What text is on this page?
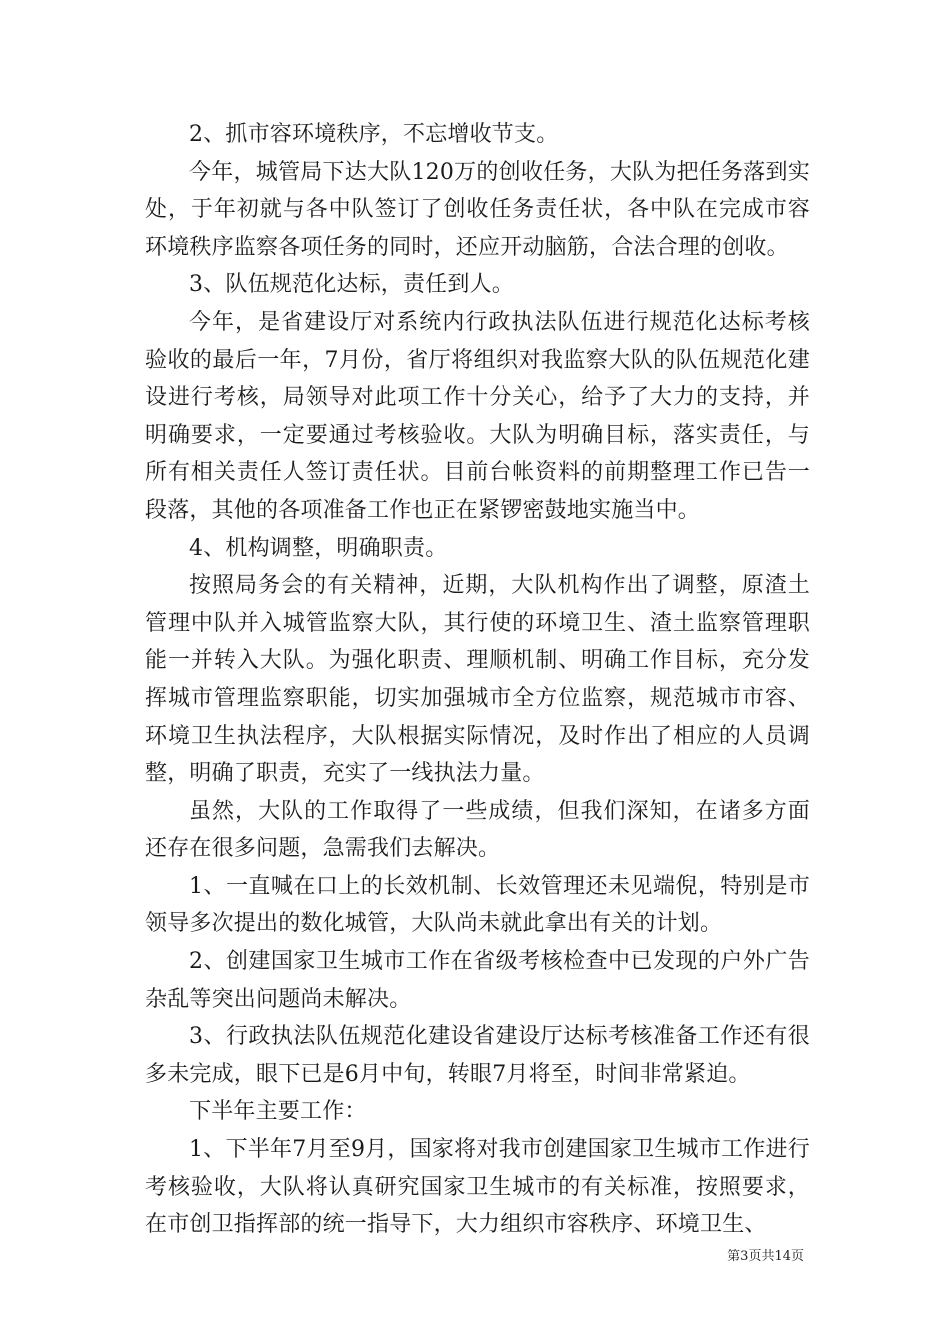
2、抓市容环境秩序，不忘增收节支。

今年，城管局下达大队120万的创收任务，大队为把任务落到实处，于年初就与各中队签订了创收任务责任状，各中队在完成市容环境秩序监察各项任务的同时，还应开动脑筋，合法合理的创收。

3、队伍规范化达标，责任到人。

今年，是省建设厅对系统内行政执法队伍进行规范化达标考核验收的最后一年，7月份，省厅将组织对我监察大队的队伍规范化建设进行考核，局领导对此项工作十分关心，给予了大力的支持，并明确要求，一定要通过考核验收。大队为明确目标，落实责任，与所有相关责任人签订责任状。目前台帐资料的前期整理工作已告一段落，其他的各项准备工作也正在紧锣密鼓地实施当中。

4、机构调整，明确职责。

按照局务会的有关精神，近期，大队机构作出了调整，原渣土管理中队并入城管监察大队，其行使的环境卫生、渣土监察管理职能一并转入大队。为强化职责、理顺机制、明确工作目标，充分发挥城市管理监察职能，切实加强城市全方位监察，规范城市市容、环境卫生执法程序，大队根据实际情况，及时作出了相应的人员调整，明确了职责，充实了一线执法力量。

虽然，大队的工作取得了一些成绩，但我们深知，在诸多方面还存在很多问题，急需我们去解决。

1、一直喊在口上的长效机制、长效管理还未见端倪，特别是市领导多次提出的数化城管，大队尚未就此拿出有关的计划。

2、创建国家卫生城市工作在省级考核检查中已发现的户外广告杂乱等突出问题尚未解决。

3、行政执法队伍规范化建设省建设厅达标考核准备工作还有很多未完成，眼下已是6月中旬，转眼7月将至，时间非常紧迫。

下半年主要工作：

1、下半年7月至9月，国家将对我市创建国家卫生城市工作进行考核验收，大队将认真研究国家卫生城市的有关标准，按照要求，在市创卫指挥部的统一指导下，大力组织市容秩序、环境卫生、

第3页共14页
